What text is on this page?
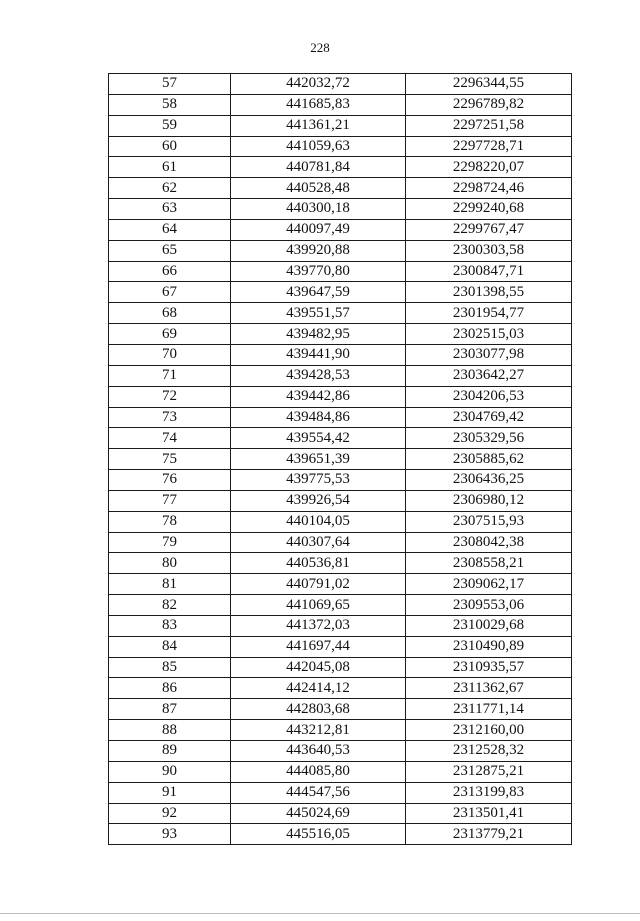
228
57	442032,72	2296344,55
58	441685,83	2296789,82
59	441361,21	2297251,58
60	441059,63	2297728,71
61	440781,84	2298220,07
62	440528,48	2298724,46
63	440300,18	2299240,68
64	440097,49	2299767,47
65	439920,88	2300303,58
66	439770,80	2300847,71
67	439647,59	2301398,55
68	439551,57	2301954,77
69	439482,95	2302515,03
70	439441,90	2303077,98
71	439428,53	2303642,27
72	439442,86	2304206,53
73	439484,86	2304769,42
74	439554,42	2305329,56
75	439651,39	2305885,62
76	439775,53	2306436,25
77	439926,54	2306980,12
78	440104,05	2307515,93
79	440307,64	2308042,38
80	440536,81	2308558,21
81	440791,02	2309062,17
82	441069,65	2309553,06
83	441372,03	2310029,68
84	441697,44	2310490,89
85	442045,08	2310935,57
86	442414,12	2311362,67
87	442803,68	2311771,14
88	443212,81	2312160,00
89	443640,53	2312528,32
90	444085,80	2312875,21
91	444547,56	2313199,83
92	445024,69	2313501,41
93	445516,05	2313779,21
